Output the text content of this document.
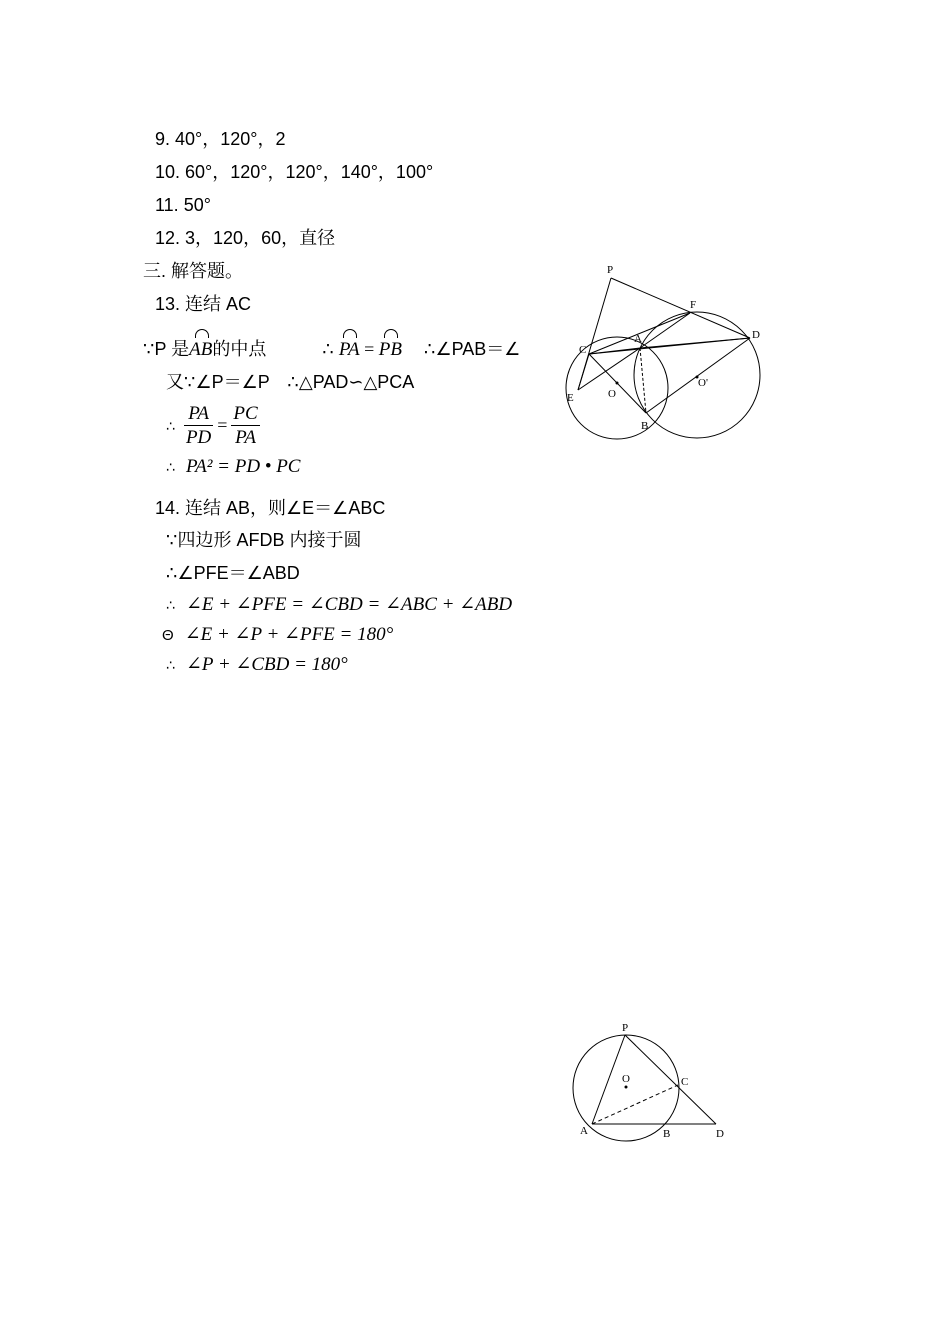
9. 40°，120°，2
10. 60°，120°，120°，140°，100°
11. 50°
12. 3，120，60，直径
三. 解答题。
13. 连结 AC
∵P 是AB的中点	∴ PA = PB ∴∠PAB＝∠
又∵∠P＝∠P　∴△PAD∽△PCA
∴ $\frac{PA}{PD} = \frac{PC}{PA}$
∴ PA² = PD • PC
14. 连结 AB，则∠E＝∠ABC
∵四边形 AFDB 内接于圆
∴∠PFE＝∠ABD
∴ ∠E + ∠PFE = ∠CBD = ∠ABC + ∠ABD
Θ ∠E + ∠P + ∠PFE = 180°
∴ ∠P + ∠CBD = 180°
P
F
A	D
C
E	O
O'
B
P
O	C
A	B	D
